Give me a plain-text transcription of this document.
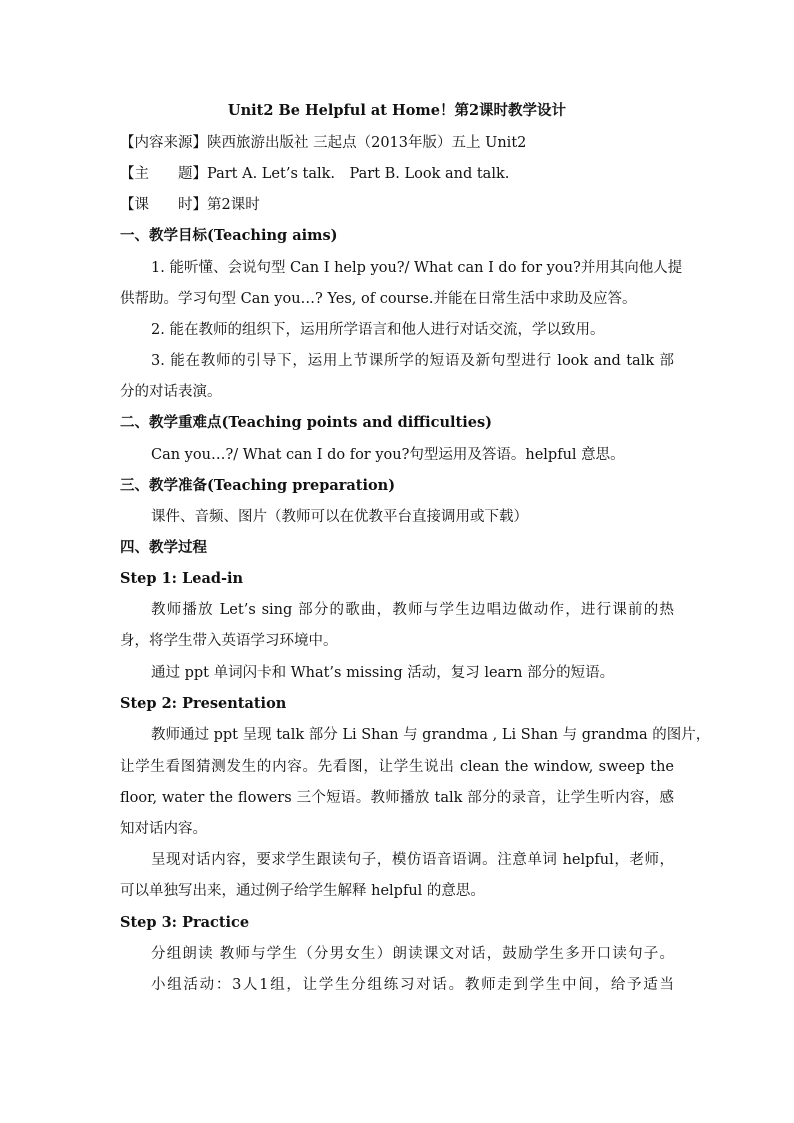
Unit2 Be Helpful at Home！第2课时教学设计
【内容来源】陕西旅游出版社 三起点（2013年版）五上 Unit2
【主　　题】Part A. Let’s talk.　Part B. Look and talk.
【课　　时】第2课时
一、教学目标(Teaching aims)
1. 能听懂、会说句型 Can I help you?/ What can I do for you?并用其向他人提
供帮助。学习句型 Can you…? Yes, of course.并能在日常生活中求助及应答。
2. 能在教师的组织下，运用所学语言和他人进行对话交流，学以致用。
3. 能在教师的引导下，运用上节课所学的短语及新句型进行 look and talk 部
分的对话表演。
二、教学重难点(Teaching points and difficulties)
Can you…?/ What can I do for you?句型运用及答语。helpful 意思。
三、教学准备(Teaching preparation)
课件、音频、图片（教师可以在优教平台直接调用或下载）
四、教学过程
Step 1: Lead-in
教师播放 Let’s sing 部分的歌曲，教师与学生边唱边做动作，进行课前的热
身，将学生带入英语学习环境中。
通过 ppt 单词闪卡和 What’s missing 活动，复习 learn 部分的短语。
Step 2: Presentation
教师通过 ppt 呈现 talk 部分 Li Shan 与 grandma , Li Shan 与 grandma 的图片，
让学生看图猜测发生的内容。先看图，让学生说出 clean the window, sweep the
floor, water the flowers 三个短语。教师播放 talk 部分的录音，让学生听内容，感
知对话内容。
呈现对话内容，要求学生跟读句子，模仿语音语调。注意单词 helpful，老师，
可以单独写出来，通过例子给学生解释 helpful 的意思。
Step 3: Practice
分组朗读 教师与学生（分男女生）朗读课文对话，鼓励学生多开口读句子。
小组活动：3人1组，让学生分组练习对话。教师走到学生中间，给予适当
